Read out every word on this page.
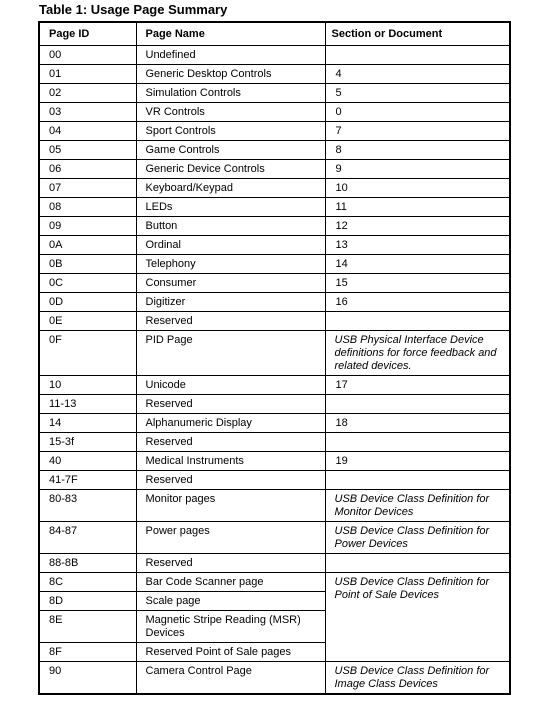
Table 1: Usage Page Summary
Page ID	Page Name	Section or Document
00	Undefined	
01	Generic Desktop Controls	4
02	Simulation Controls	5
03	VR Controls	0
04	Sport Controls	7
05	Game Controls	8
06	Generic Device Controls	9
07	Keyboard/Keypad	10
08	LEDs	11
09	Button	12
0A	Ordinal	13
0B	Telephony	14
0C	Consumer	15
0D	Digitizer	16
0E	Reserved	
0F	PID Page	USB Physical Interface Device definitions for force feedback and related devices.
10	Unicode	17
11-13	Reserved	
14	Alphanumeric Display	18
15-3f	Reserved	
40	Medical Instruments	19
41-7F	Reserved	
80-83	Monitor pages	USB Device Class Definition for Monitor Devices
84-87	Power pages	USB Device Class Definition for Power Devices
88-8B	Reserved	
8C	Bar Code Scanner page	USB Device Class Definition for Point of Sale Devices
8D	Scale page	
8E	Magnetic Stripe Reading (MSR) Devices	
8F	Reserved Point of Sale pages	
90	Camera Control Page	USB Device Class Definition for Image Class Devices
